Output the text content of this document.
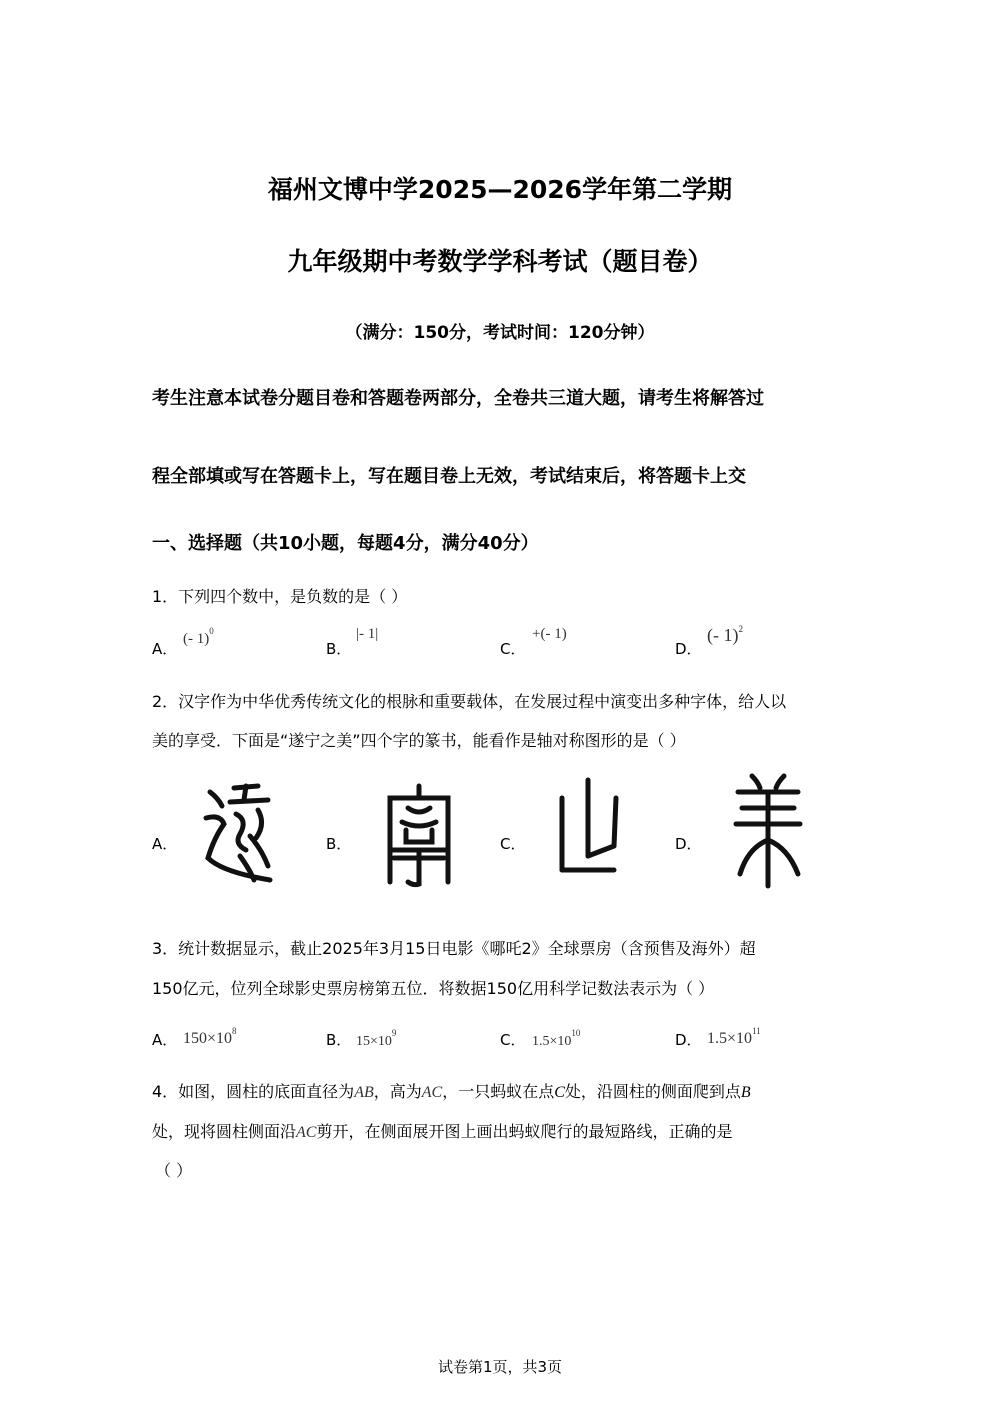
福州文博中学2025—2026学年第二学期
九年级期中考数学学科考试（题目卷）
（满分：150分，考试时间：120分钟）
考生注意本试卷分题目卷和答题卷两部分，全卷共三道大题，请考生将解答过
程全部填或写在答题卡上，写在题目卷上无效，考试结束后，将答题卡上交
一、选择题（共10小题，每题4分，满分40分）
1．下列四个数中，是负数的是（ ）
A．
(- 1)$^0$
B．
|- 1|
C．
+(- 1)
D．
(- 1)$^2$
2．汉字作为中华优秀传统文化的根脉和重要载体，在发展过程中演变出多种字体，给人以
美的享受．下面是“遂宁之美”四个字的篆书，能看作是轴对称图形的是（ ）
A．	B．	C．	D．
3．统计数据显示，截止2025年3月15日电影《哪吒2》全球票房（含预售及海外）超
150亿元，位列全球影史票房榜第五位．将数据150亿用科学记数法表示为（ ）
A． $150\times 10^8$	B． $15\times 10^9$	C． $1.5\times 10^{10}$	D． $1.5\times 10^{11}$
4．如图，圆柱的底面直径为AB，高为AC，一只蚂蚁在点C处，沿圆柱的侧面爬到点B
处，现将圆柱侧面沿AC剪开，在侧面展开图上画出蚂蚁爬行的最短路线，正确的是
（ ）
试卷第1页，共3页
